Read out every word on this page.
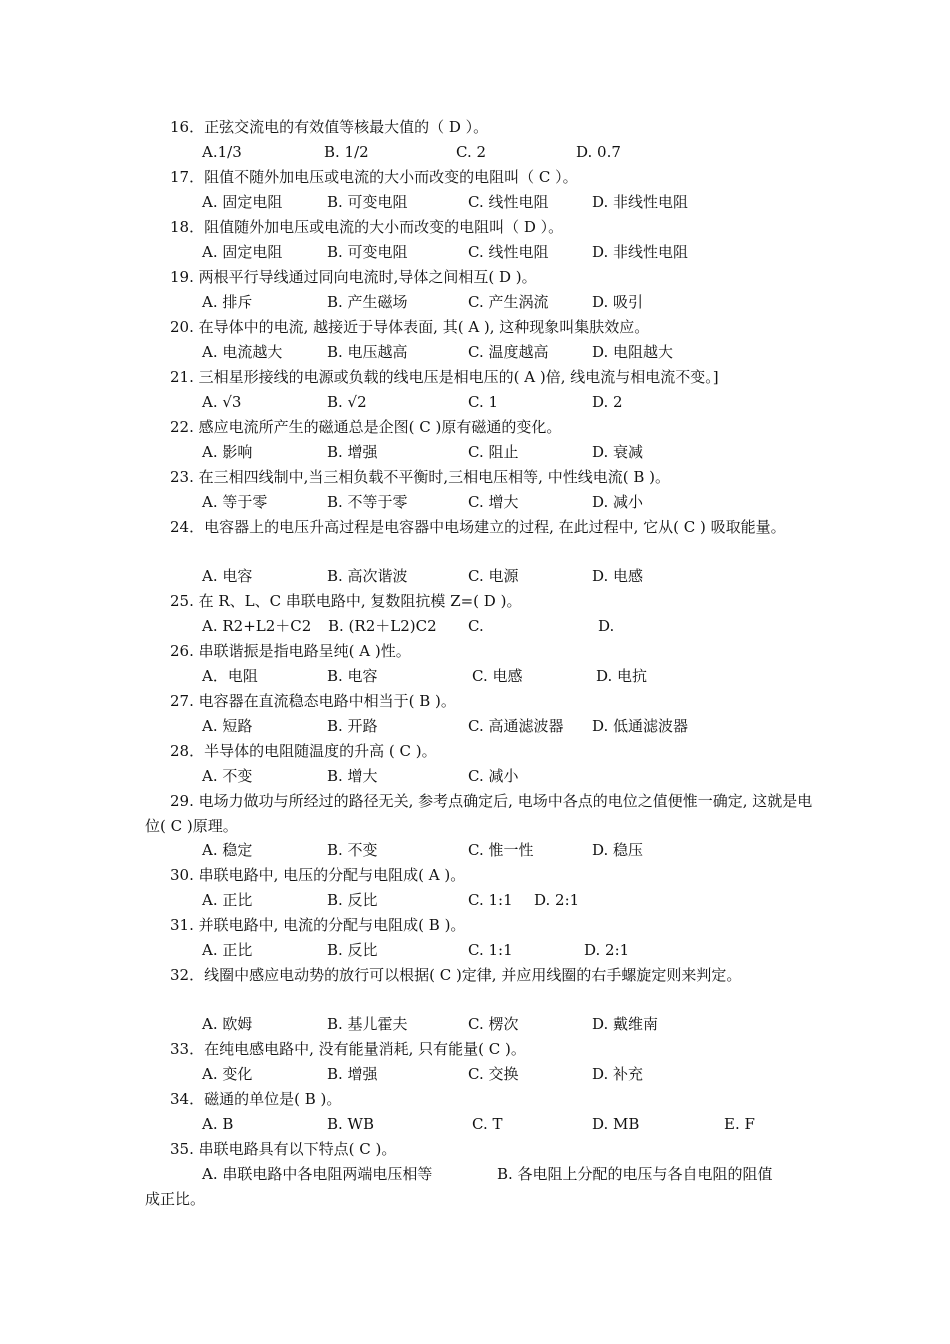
16．正弦交流电的有效值等核最大值的（ D ）。
A.1/3	B. 1/2	C. 2	D. 0.7
17．阻值不随外加电压或电流的大小而改变的电阻叫（ C ）。
A. 固定电阻	B. 可变电阻	C. 线性电阻	D. 非线性电阻
18．阻值随外加电压或电流的大小而改变的电阻叫（ D ）。
A. 固定电阻	B. 可变电阻	C. 线性电阻	D. 非线性电阻
19. 两根平行导线通过同向电流时,导体之间相互( D )。
A. 排斥	B. 产生磁场	C. 产生涡流	D. 吸引
20. 在导体中的电流, 越接近于导体表面, 其( A ), 这种现象叫集肤效应。
A. 电流越大	B. 电压越高	C. 温度越高	D. 电阻越大
21. 三相星形接线的电源或负载的线电压是相电压的( A )倍, 线电流与相电流不变。]
A. √3	B. √2	C. 1	D. 2
22. 感应电流所产生的磁通总是企图( C )原有磁通的变化。
A. 影响	B. 增强	C. 阻止	D. 衰减
23. 在三相四线制中,当三相负载不平衡时,三相电压相等, 中性线电流( B )。
A. 等于零	B. 不等于零	C. 增大	D. 减小
24．电容器上的电压升高过程是电容器中电场建立的过程, 在此过程中, 它从( C ) 吸取能量。
A. 电容	B. 高次谐波	C. 电源	D. 电感
25. 在 R、L、C 串联电路中, 复数阻抗模 Z=( D )。
A. R2+L2＋C2 B. (R2＋L2)C2 C.	D.
26. 串联谐振是指电路呈纯( A )性。
A．电阻	B. 电容	C. 电感	D. 电抗
27. 电容器在直流稳态电路中相当于( B )。
A. 短路	B. 开路	C. 高通滤波器 D. 低通滤波器
28．半导体的电阻随温度的升高 ( C )。
A. 不变	B. 增大	C. 减小
29. 电场力做功与所经过的路径无关, 参考点确定后, 电场中各点的电位之值便惟一确定, 这就是电位( C )原理。
A. 稳定	B. 不变	C. 惟一性	D. 稳压
30. 串联电路中, 电压的分配与电阻成( A )。
A. 正比	B. 反比	C. 1:1 D. 2:1
31. 并联电路中, 电流的分配与电阻成( B )。
A. 正比	B. 反比	C. 1:1	D. 2:1
32．线圈中感应电动势的放行可以根据( C )定律, 并应用线圈的右手螺旋定则来判定。
A. 欧姆	B. 基儿霍夫	C. 楞次	D. 戴维南
33．在纯电感电路中, 没有能量消耗, 只有能量( C )。
A. 变化	B. 增强	C. 交换	D. 补充
34．磁通的单位是( B )。
A. B	B. WB	C. T	D. MB	E. F
35. 串联电路具有以下特点( C )。
A. 串联电路中各电阻两端电压相等	B. 各电阻上分配的电压与各自电阻的阻值
成正比。
